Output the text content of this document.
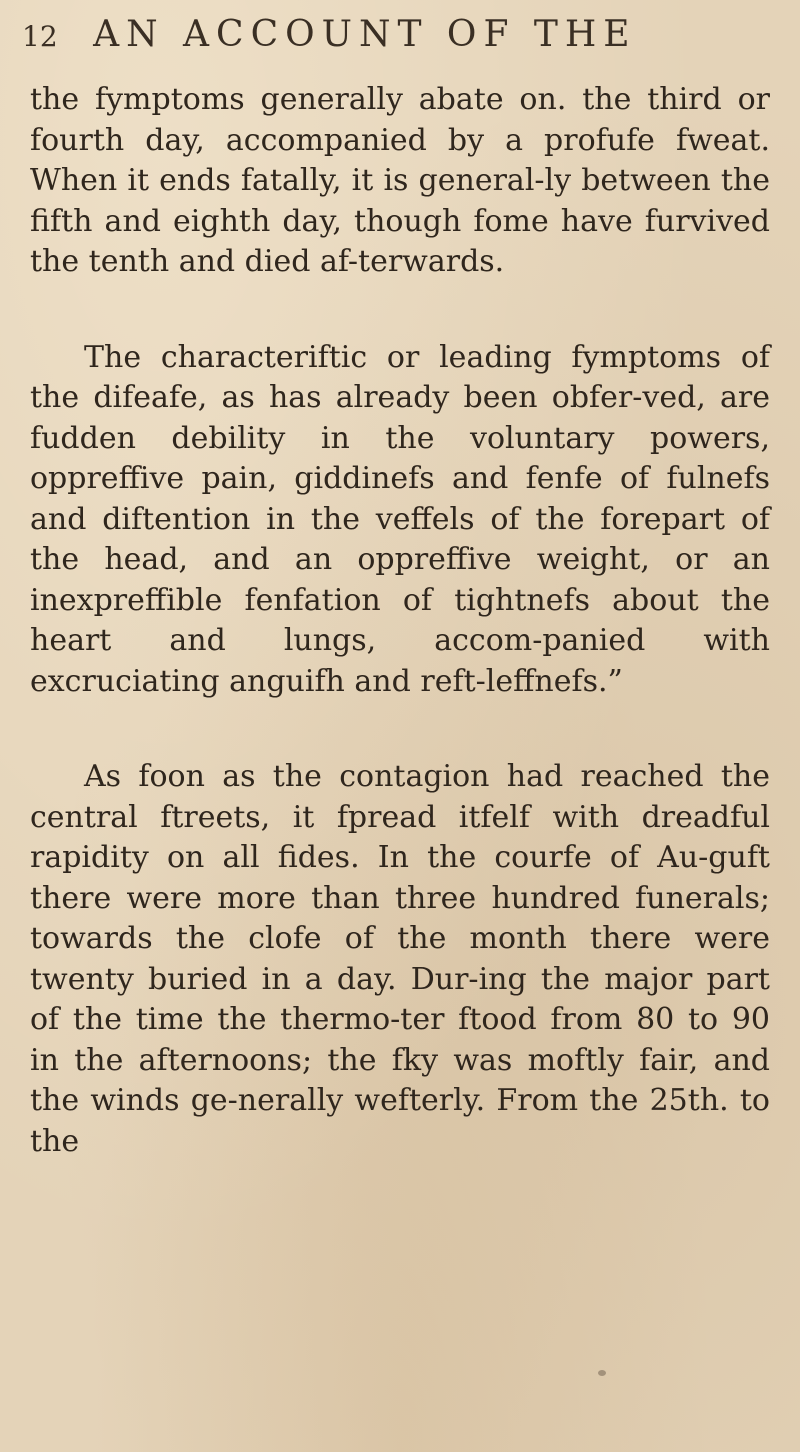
12 AN ACCOUNT OF THE

the fymptoms generally abate on. the third or fourth day, accompanied by a profufe fweat. When it ends fatally, it is general-ly between the fifth and eighth day, though fome have furvived the tenth and died af-terwards.

The characteriftic or leading fymptoms of the difeafe, as has already been obfer-ved, are fudden debility in the voluntary powers, oppreffive pain, giddinefs and fenfe of fulnefs and diftention in the veffels of the forepart of the head, and an oppreffive weight, or an inexpreffible fenfation of tightnefs about the heart and lungs, accom-panied with excruciating anguifh and reft-leffnefs.”

As foon as the contagion had reached the central ftreets, it fpread itfelf with dreadful rapidity on all fides. In the courfe of Au-guft there were more than three hundred funerals; towards the clofe of the month there were twenty buried in a day. Dur-ing the major part of the time the thermo-ter ftood from 80 to 90 in the afternoons; the fky was moftly fair, and the winds ge-nerally wefterly. From the 25th. to the
